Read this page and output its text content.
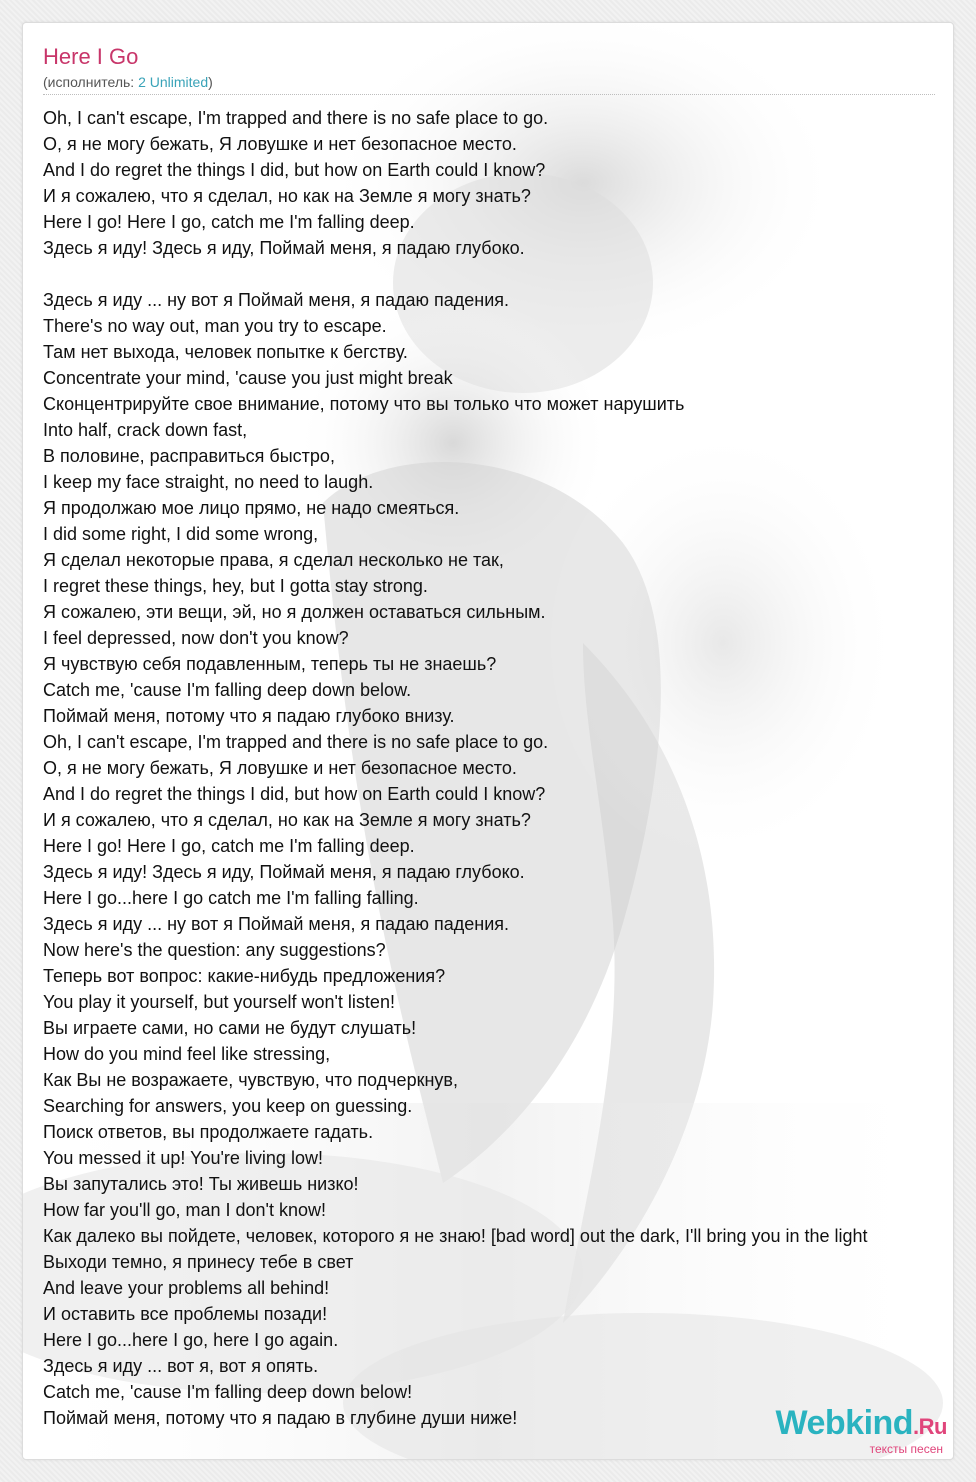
Here I Go
(исполнитель: 2 Unlimited)
Oh, I can't escape, I'm trapped and there is no safe place to go.
О, я не могу бежать, Я ловушке и нет безопасное место.
And I do regret the things I did, but how on Earth could I know?
И я сожалею, что я сделал, но как на Земле я могу знать?
Here I go! Here I go, catch me I'm falling deep.
Здесь я иду! Здесь я иду, Поймай меня, я падаю глубоко.
Здесь я иду ... ну вот я Поймай меня, я падаю падения.
There's no way out, man you try to escape.
Там нет выхода, человек попытке к бегству.
Concentrate your mind, 'cause you just might break
Сконцентрируйте свое внимание, потому что вы только что может нарушить
Into half, crack down fast,
В половине, расправиться быстро,
I keep my face straight, no need to laugh.
Я продолжаю мое лицо прямо, не надо смеяться.
I did some right, I did some wrong,
Я сделал некоторые права, я сделал несколько не так,
I regret these things, hey, but I gotta stay strong.
Я сожалею, эти вещи, эй, но я должен оставаться сильным.
I feel depressed, now don't you know?
Я чувствую себя подавленным, теперь ты не знаешь?
Catch me, 'cause I'm falling deep down below.
Поймай меня, потому что я падаю глубоко внизу.
Oh, I can't escape, I'm trapped and there is no safe place to go.
О, я не могу бежать, Я ловушке и нет безопасное место.
And I do regret the things I did, but how on Earth could I know?
И я сожалею, что я сделал, но как на Земле я могу знать?
Here I go! Here I go, catch me I'm falling deep.
Здесь я иду! Здесь я иду, Поймай меня, я падаю глубоко.
Here I go...here I go catch me I'm falling falling.
Здесь я иду ... ну вот я Поймай меня, я падаю падения.
Now here's the question: any suggestions?
Теперь вот вопрос: какие-нибудь предложения?
You play it yourself, but yourself won't listen!
Вы играете сами, но сами не будут слушать!
How do you mind feel like stressing,
Как Вы не возражаете, чувствую, что подчеркнув,
Searching for answers, you keep on guessing.
Поиск ответов, вы продолжаете гадать.
You messed it up! You're living low!
Вы запутались это! Ты живешь низко!
How far you'll go, man I don't know!
Как далеко вы пойдете, человек, которого я не знаю! [bad word] out the dark, I'll bring you in the light
Выходи темно, я принесу тебе в свет
And leave your problems all behind!
И оставить все проблемы позади!
Here I go...here I go, here I go again.
Здесь я иду ... вот я, вот я опять.
Catch me, 'cause I'm falling deep down below!
Поймай меня, потому что я падаю в глубине души ниже!	Webkind.Ru
тексты песен
